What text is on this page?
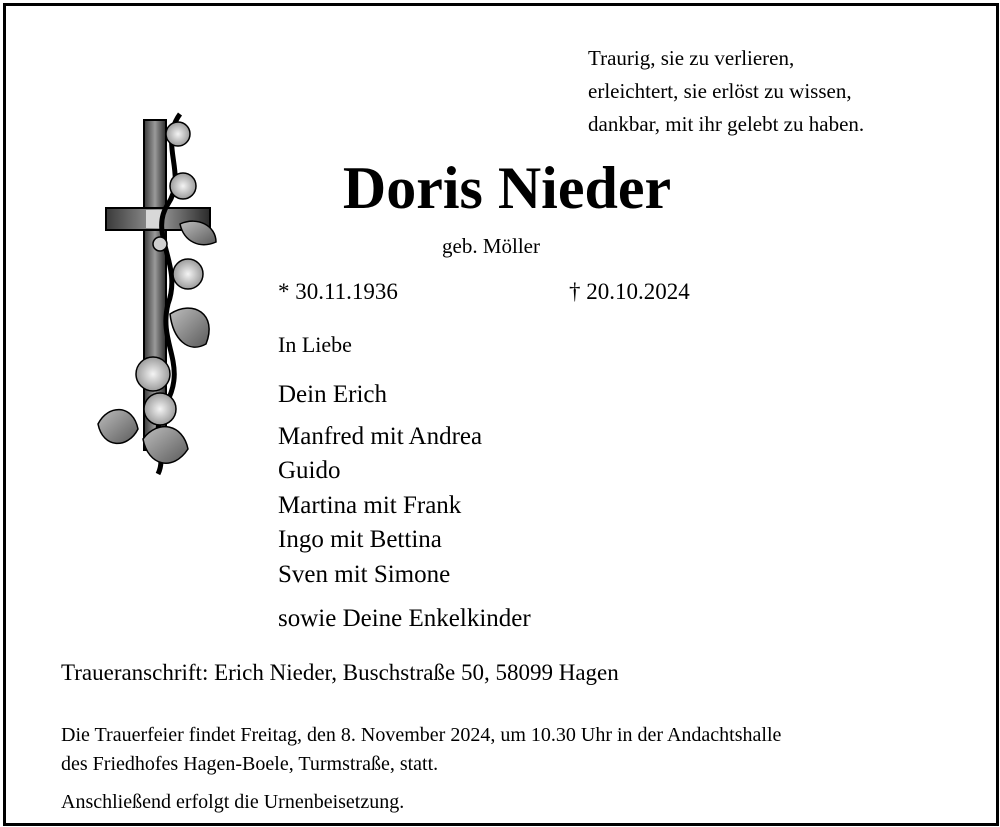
Traurig, sie zu verlieren,
erleichtert, sie erlöst zu wissen,
dankbar, mit ihr gelebt zu haben.
Doris Nieder
geb. Möller
* 30.11.1936	† 20.10.2024
In Liebe
Dein Erich
Manfred mit Andrea
Guido
Martina mit Frank
Ingo mit Bettina
Sven mit Simone
sowie Deine Enkelkinder
Traueranschrift: Erich Nieder, Buschstraße 50, 58099 Hagen
Die Trauerfeier findet Freitag, den 8. November 2024, um 10.30 Uhr in der Andachtshalle
des Friedhofes Hagen-Boele, Turmstraße, statt.
Anschließend erfolgt die Urnenbeisetzung.
